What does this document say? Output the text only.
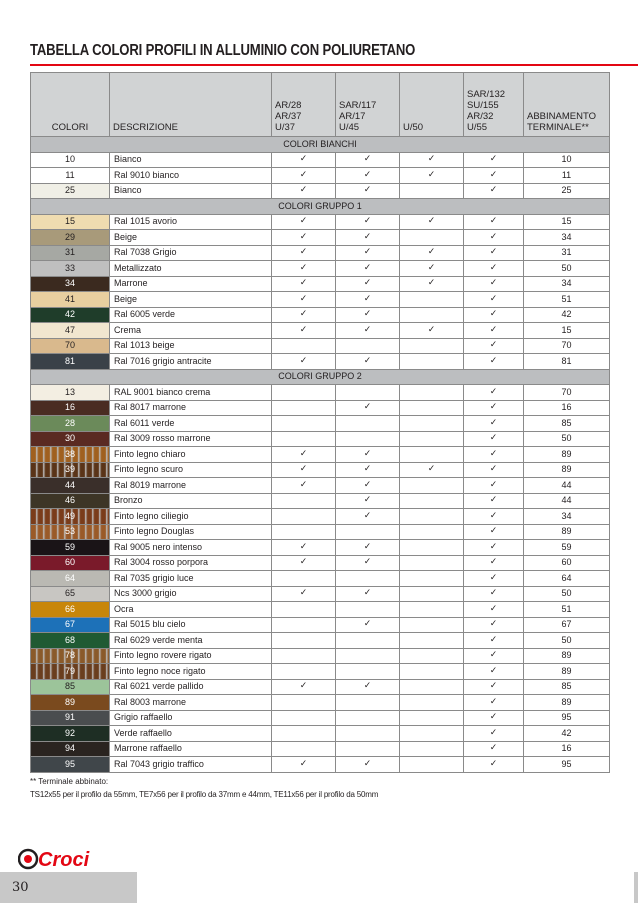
TABELLA COLORI PROFILI IN ALLUMINIO CON POLIURETANO
COLORI	DESCRIZIONE	AR/28
AR/37
U/37	SAR/117
AR/17
U/45	U/50	SAR/132
SU/155
AR/32
U/55	ABBINAMENTO
TERMINALE**

COLORI BIANCHI						
10	Bianco	✓	✓	✓	✓	10
11	Ral 9010 bianco	✓	✓	✓	✓	11
25	Bianco	✓	✓		✓	25
COLORI GRUPPO 1						
15	Ral 1015 avorio	✓	✓	✓	✓	15
29	Beige	✓	✓		✓	34
31	Ral 7038 Grigio	✓	✓	✓	✓	31
33	Metallizzato	✓	✓	✓	✓	50
34	Marrone	✓	✓	✓	✓	34
41	Beige	✓	✓		✓	51
42	Ral 6005 verde	✓	✓		✓	42
47	Crema	✓	✓	✓	✓	15
70	Ral 1013 beige				✓	70
81	Ral 7016 grigio antracite	✓	✓		✓	81
COLORI GRUPPO 2						
13	RAL 9001 bianco crema				✓	70
16	Ral 8017 marrone		✓		✓	16
28	Ral 6011 verde				✓	85
30	Ral 3009 rosso marrone				✓	50
38	Finto legno chiaro	✓	✓		✓	89
39	Finto legno scuro	✓	✓	✓	✓	89
44	Ral 8019 marrone	✓	✓		✓	44
46	Bronzo		✓		✓	44
49	Finto legno ciliegio		✓		✓	34
53	Finto legno Douglas				✓	89
59	Ral 9005 nero intenso	✓	✓		✓	59
60	Ral 3004 rosso porpora	✓	✓		✓	60
64	Ral 7035 grigio luce				✓	64
65	Ncs 3000 grigio	✓	✓		✓	50
66	Ocra				✓	51
67	Ral 5015 blu cielo		✓		✓	67
68	Ral 6029 verde menta				✓	50
78	Finto legno rovere rigato				✓	89
79	Finto legno noce rigato				✓	89
85	Ral 6021 verde pallido	✓	✓		✓	85
89	Ral 8003 marrone				✓	89
91	Grigio raffaello				✓	95
92	Verde raffaello				✓	42
94	Marrone raffaello				✓	16
95	Ral 7043 grigio traffico	✓	✓		✓	95
** Terminale abbinato:
TS12x55 per il profilo da 55mm, TE7x56 per il profilo da 37mm e 44mm, TE11x56 per il profilo da 50mm
Croci
30
